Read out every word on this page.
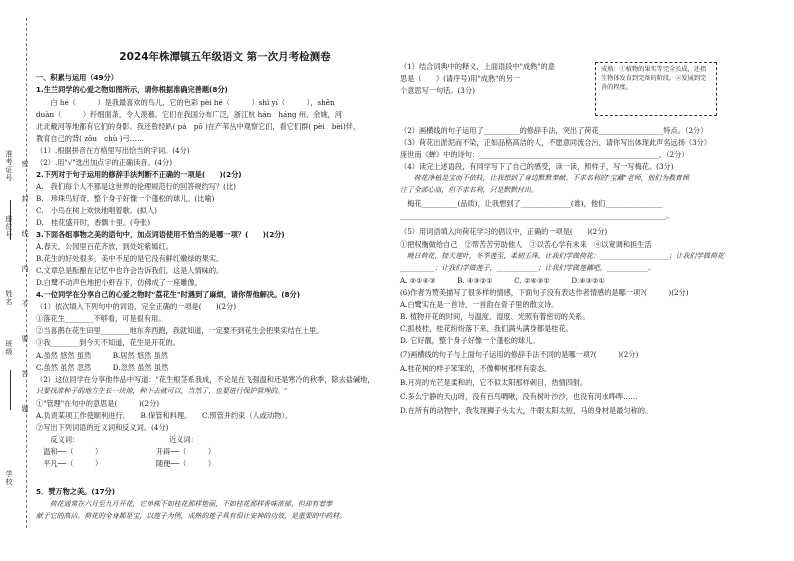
准考证号
座位号
姓名
班级
学校
密
封
线
内
不
要
答
题
2024年株潭镇五年级语文 第一次月考检测卷
一、积累与运用（49分）
1.生兰同学的心爱之物如图所示，请你根据准确完善题(8分)
　　白 hé（　　　）是我最喜欢的鸟儿，它的色彩 pèi hé（　　　）shì yí（　　　），shēn
duàn（　　　）纤细面条，令人羡慕。它们在我国分布广泛，浙江杭 hán　háng 州、余姚，河
北北戴河等地都有它们的身影。我还曾经趴( pá　pō )在产苇丛中观察它们，看它们群( pèi　bèi)伴，
教育自己的背( zǒu　chù )弓……
（1）.根据拼音在方格里写出恰当的字词。(4分)
（2）.用"√"选出加点字的正确读音。(4分)
2.下列对于句子运用的修辞手法判断不正确的一项是(　　)(2分)
A.　我们每个人不都是这世界的伦理规范行的回答规约写？(比)
B.　珍珠鸟好奇，整个身子好像一个蓬松的球儿。(比喻)
C.　小鸟在树上欢快地唱着歌。(拟人)
D.　桂花盛开时，香飘十里。(夸张)
3.下面各组事物之美的语句中，加点词语使用不恰当的是哪一项？(　　)(2分)
A.春天，公园里百花齐放，到处姹紫嫣红。
B.花生的好处很多，美中不足的是它没有鲜红嫩绿的果实。
C.文章总是酝酿在记忆中也许会告诉我们，这是人情味的。
D.白鹭不动声色地把小虾吞下，仿佛成了一座雕像。
4.一位同学在分享自己的心爱之物时"荔花生"时遇到了麻烦，请你帮他解决。(8分)
（1）依次填入下列句中的词语，完全正确的一项是(　　)(2分)
①落花生________不够看，可是很有用。
②当喜鹊在花生田里________地东奔西跑，我就知道，一定要不到花生会把果实结在土里。
③我________到今天不知道，花生是开花的。
A.虽然 悠然 虽然　　　B.居然 悠然 虽然
C.虽然 虽然 忽然　　　D.忽然 虽然 虽然
（2）这位同学在分享他作品中写道："花生根茎系我成，不论是在飞强温和还是寒冷的秋季，除去盐碱地，
只要找准种子的地方生长一块地，种下去就可以，当然了，也要进行保护管理的。"
①"管理"在句中的意思是(　　　)(2分)
A.负责某项工作使顺利进行。　　B.保管和料理。　　C.照管并约束（人或动物）。
②写出下列词语的近义词和反义词。(4分)
　　反义词：　　　　　　　　　　　　　近义词：
　温和──（　　　）　　　　　　　　开辟──（　　　）
　平凡──（　　　）　　　　　　　　随便──（　　　）
5．赞万物之美。(17分)
　　荷花通常在六月至九月开花，它单株不如桂花那样艳丽，不如桂花那样香味浓郁，但却有着奉
献于它的高洁。荷花的全身都是宝，以莲子为例，成熟的莲子具有很让安神的功效，是重要的中药材。
成熟：①植物的果实等完全长成，还指生物体发育到完备的阶段。②发展到完善的程度。
（1）结合词典中的释义，上面语段中"成熟"的意
思是（　　）(请序号)用"成熟"的另一
个意思写一句话。(3分)
（2）画横线的句子运用了__________的修辞手法，突出了荷花__________________特点。（2分）
（3）荷花出淤泥而不染，正如品格高洁的人，不愿意同流合污，请你写出体现此声名远扬（3分）
庞世南《蝉》中的诗句：__________________________________________________。（2分）
（4）读完上述语段，有同学写下了自己的感受，读一读，照样子，写一写梅花。(3分)
　　荷花净植是宝而不依枝，让我想到了身边默默奉献、不求名利的"宝藏"老师，他们为教育倾
注了全部心血，但不求名利，只是默默付出。
　梅花__________(品质)，让我想到了______________(谁)，他们________________
__________________________________________________________________________。
（5）用词语填入向荷花学习的倡议中，正确的一项是(　　)(2分)
①把权衡做给自己　②帮苦苦劳助他人　③以苦心学有未来　④以宽调和担生活
　晚日荷花，接天莲叶，冬季莲至，柔韧玉珠。让我们学做荷花：____________________；让我们学做荷花
__________；让我们学做莲子，____________；让我们学做莲藕吧，____________。
A. ②①④③　　　B. ④③②①　　　C. ②④③①　　　D.④③②①
(6)作者为赞美描写了很多样的情感，下面句子没有表达作者情感的是哪一项?(　　　)(2分)
A.白鹭实在是一首诗，一首韵在骨子里的散文诗。
B. 植物开花的时间，与温度、湿度、光照有着密切的关系。
C.抓枝桂，桂花纷纷落下来，我们满头满身都是桂花。
D. 它好靓，整个身子好像一个蓬松的球儿。
(7)画横线的句子与上面句子运用的修辞手法不同的是哪一项?(　　　)(2分)
A.桂花树的样子笨笨的，不像柳树那样有姿态。
B.月亮的光芒是柔和的，它不似太阳那样刺目，热情四射。
C.多么宁静的天山呀，没有百鸟啁啾，没有树叶沙沙，也没有河水哗哗……
D.在所有的动物中，我发现狮子头太大，牛眼太阳太短，马的身材是最匀称的。
